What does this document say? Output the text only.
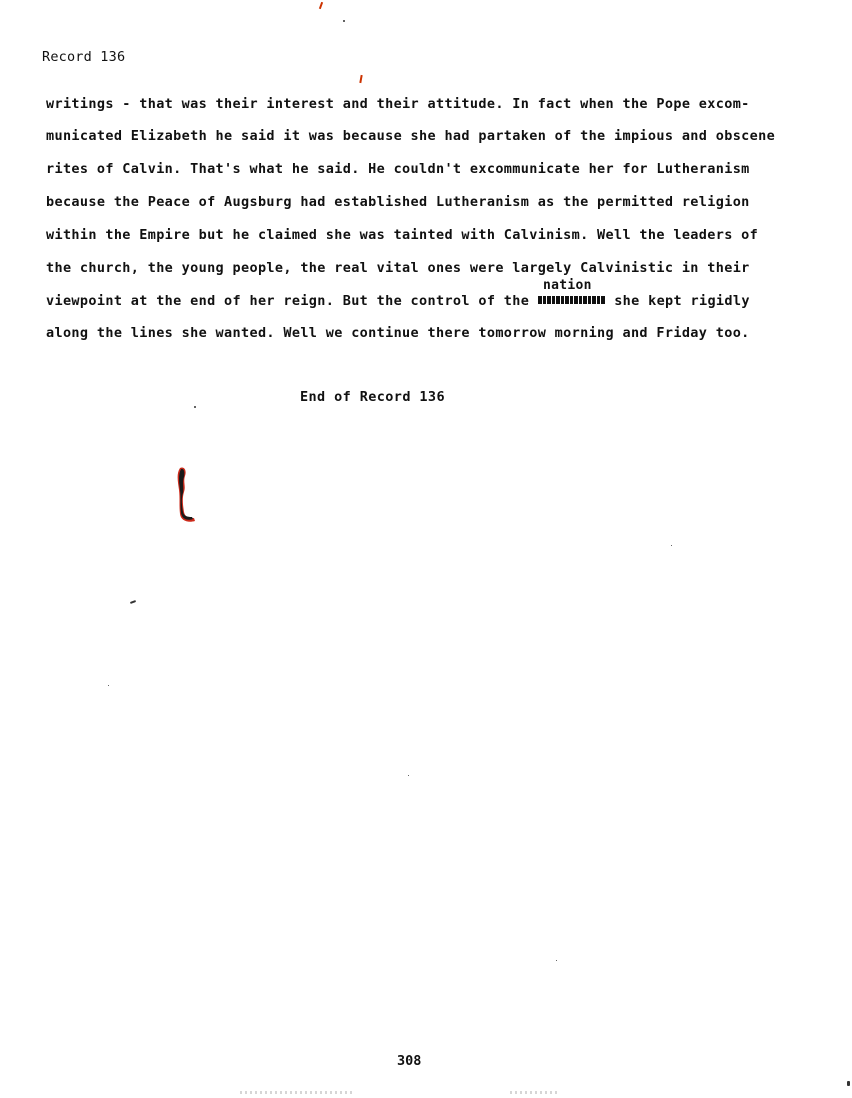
Record 136
writings - that was their interest and their attitude. In fact when the Pope excom-
municated Elizabeth he said it was because she had partaken of the impious and obscene
rites of Calvin. That's what he said. He couldn't excommunicate her for Lutheranism
because the Peace of Augsburg had established Lutheranism as the permitted religion
within the Empire but he claimed she was tainted with Calvinism. Well the leaders of
the church, the young people, the real vital ones were largely Calvinistic in their
nation
viewpoint at the end of her reign. But the control of the	she kept rigidly
along the lines she wanted. Well we continue there tomorrow morning and Friday too.
End of Record 136
308
